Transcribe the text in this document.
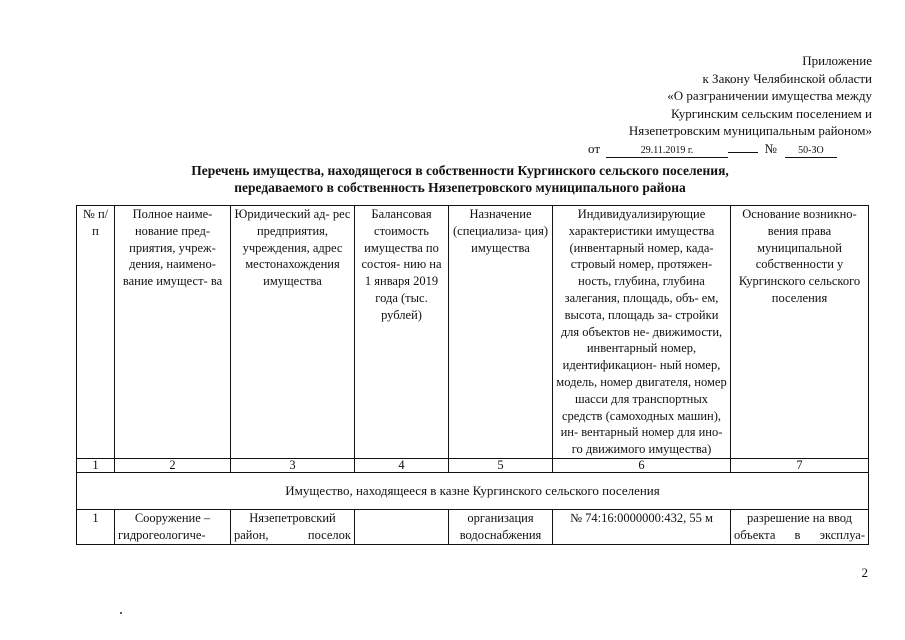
Приложение
к Закону Челябинской области
«О разграничении имущества между
Кургинским сельским поселением и
Нязепетровским муниципальным районом»
от	29.11.2019 г.	№ 50-ЗО
Перечень имущества, находящегося в собственности Кургинского сельского поселения,
передаваемого в собственность Нязепетровского муниципального района
№ п/п	Полное наиме- нование пред- приятия, учреж- дения, наимено- вание имущест- ва	Юридический ад- рес предприятия, учреждения, адрес местонахождения имущества	Балансовая стоимость имущества по состоя- нию на 1 января 2019 года (тыс. рублей)	Назначение (специализа- ция) имущества	Индивидуализирующие характеристики имущества (инвентарный номер, када- стровый номер, протяжен- ность, глубина, глубина залегания, площадь, объ- ем, высота, площадь за- стройки для объектов не- движимости, инвентарный номер, идентификацион- ный номер, модель, номер двигателя, номер шасси для транспортных средств (самоходных машин), ин- вентарный номер для ино- го движимого имущества)	Основание возникно- вения права муниципальной собственности у Кургинского сельского поселения
1	2	3	4	5	6	7
Имущество, находящееся в казне Кургинского сельского поселения						
1	Сооружение – гидрогеологиче-	Нязепетровский район, поселок		организация водоснабжения	№ 74:16:0000000:432, 55 м	разрешение на ввод объекта в эксплуа-
2
